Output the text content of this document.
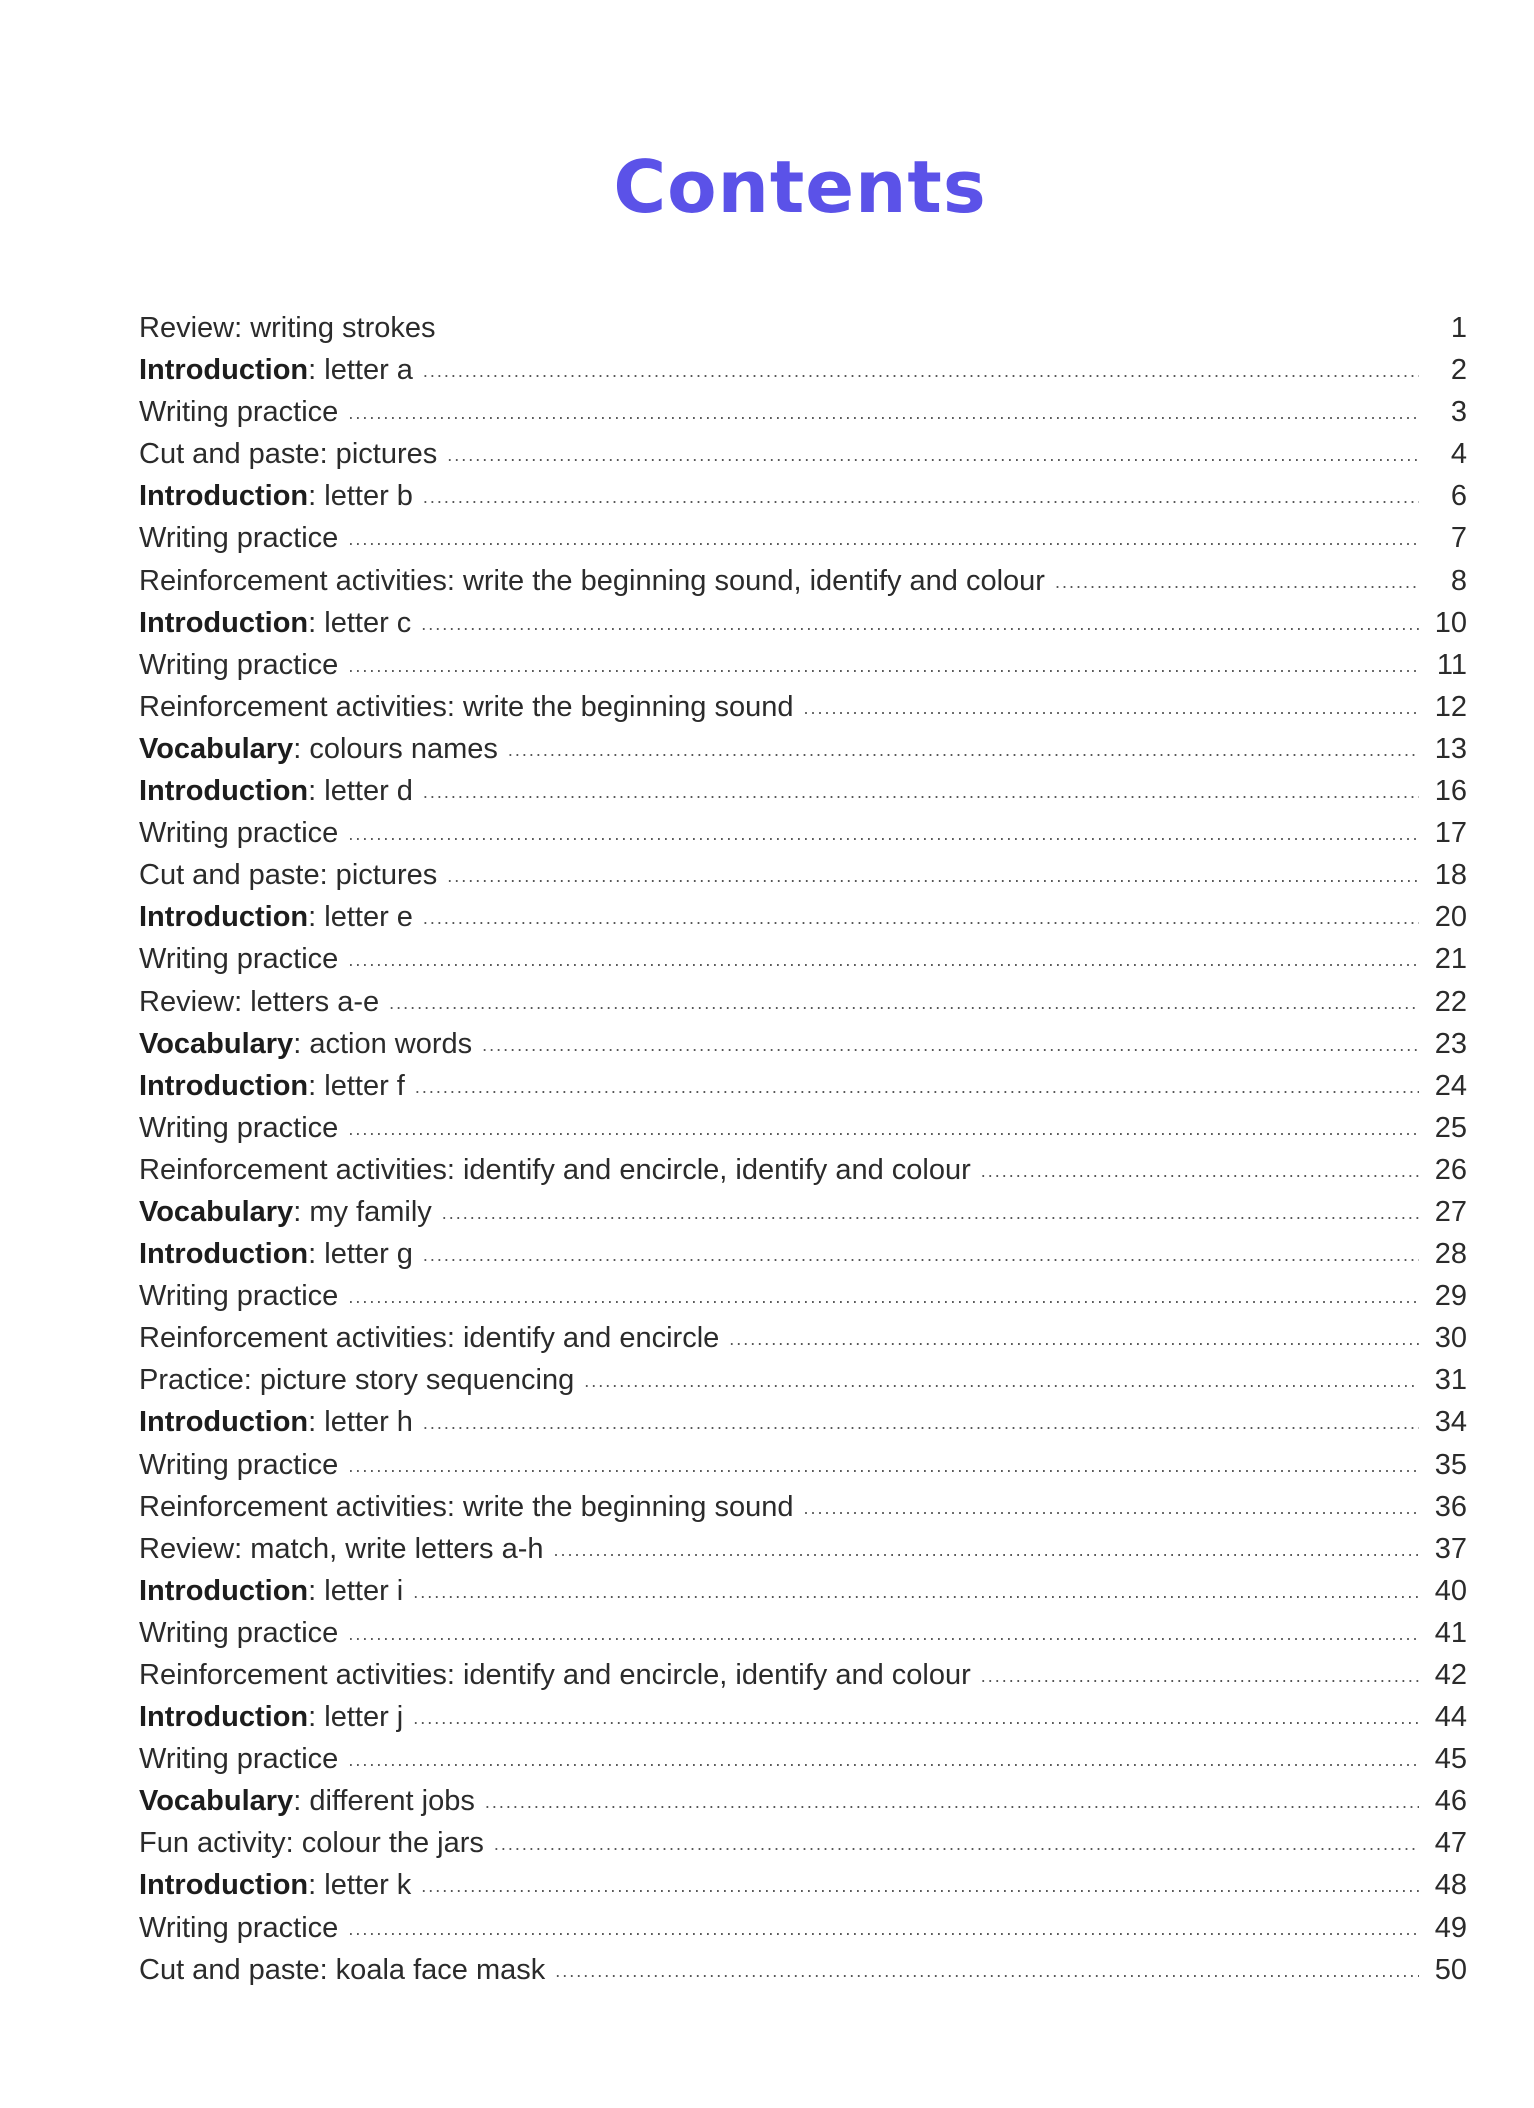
Contents
Review: writing strokes	1
Introduction: letter a .....	2
Writing practice .....	3
Cut and paste: pictures .....	4
Introduction: letter b .....	6
Writing practice .....	7
Reinforcement activities: write the beginning sound, identify and colour .....	8
Introduction: letter c .....	10
Writing practice .....	11
Reinforcement activities: write the beginning sound .....	12
Vocabulary: colours names .....	13
Introduction: letter d .....	16
Writing practice .....	17
Cut and paste: pictures .....	18
Introduction: letter e .....	20
Writing practice .....	21
Review: letters a-e .....	22
Vocabulary: action words .....	23
Introduction: letter f .....	24
Writing practice .....	25
Reinforcement activities: identify and encircle, identify and colour .....	26
Vocabulary: my family .....	27
Introduction: letter g .....	28
Writing practice .....	29
Reinforcement activities: identify and encircle .....	30
Practice: picture story sequencing .....	31
Introduction: letter h .....	34
Writing practice .....	35
Reinforcement activities: write the beginning sound .....	36
Review: match, write letters a-h .....	37
Introduction: letter i .....	40
Writing practice .....	41
Reinforcement activities: identify and encircle, identify and colour .....	42
Introduction: letter j .....	44
Writing practice .....	45
Vocabulary: different jobs .....	46
Fun activity: colour the jars .....	47
Introduction: letter k .....	48
Writing practice .....	49
Cut and paste: koala face mask .....	50
